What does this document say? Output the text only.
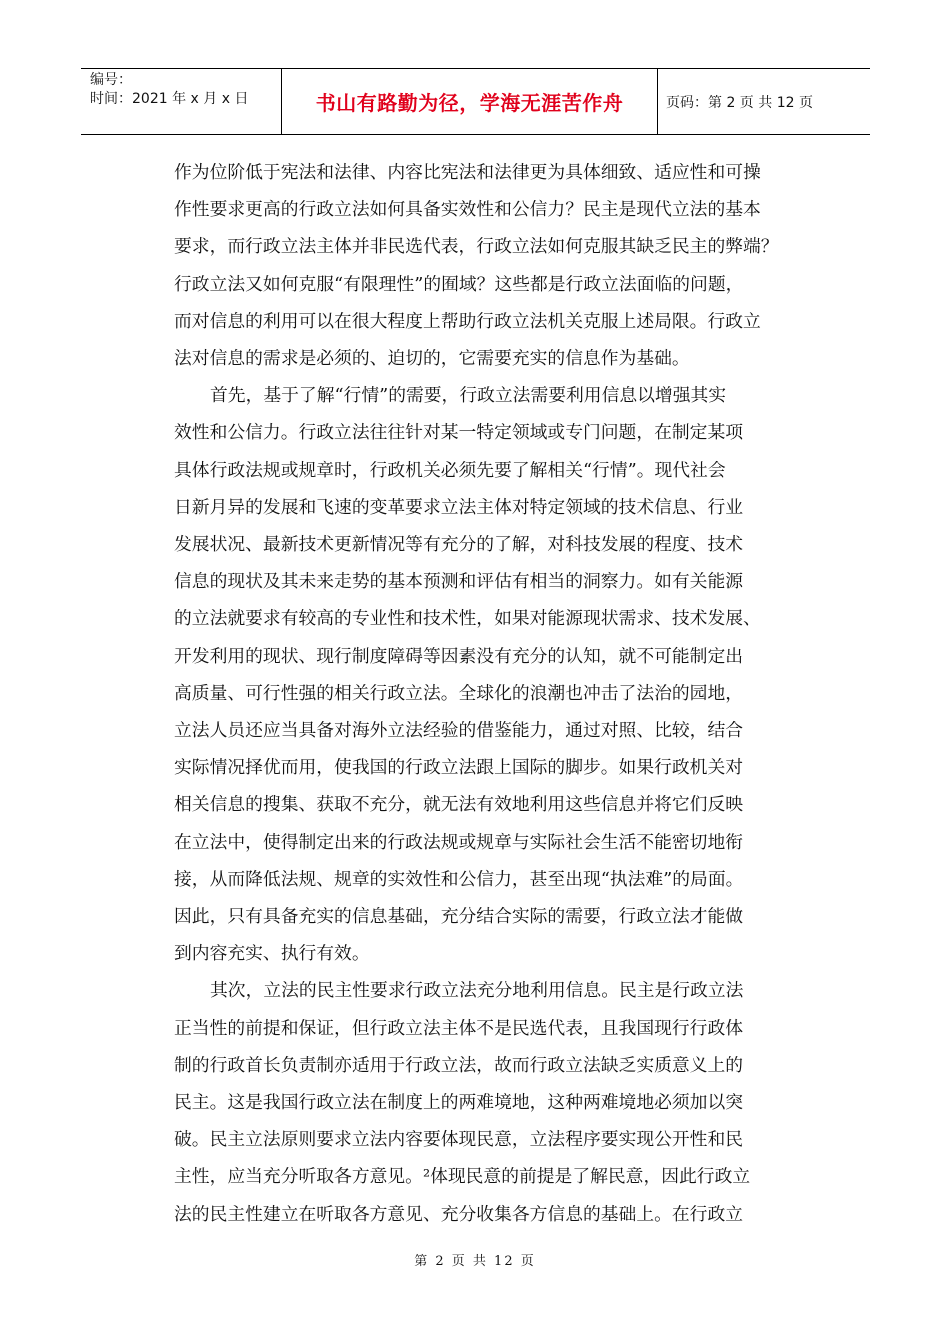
编号：
时间：2021 年 x 月 x 日	书山有路勤为径，学海无涯苦作舟	页码：第 2 页 共 12 页
作为位阶低于宪法和法律、内容比宪法和法律更为具体细致、适应性和可操
作性要求更高的行政立法如何具备实效性和公信力？民主是现代立法的基本
要求，而行政立法主体并非民选代表，行政立法如何克服其缺乏民主的弊端？
行政立法又如何克服“有限理性”的囿域？这些都是行政立法面临的问题，
而对信息的利用可以在很大程度上帮助行政立法机关克服上述局限。行政立
法对信息的需求是必须的、迫切的，它需要充实的信息作为基础。
首先，基于了解“行情”的需要，行政立法需要利用信息以增强其实
效性和公信力。行政立法往往针对某一特定领域或专门问题，在制定某项
具体行政法规或规章时，行政机关必须先要了解相关“行情”。现代社会
日新月异的发展和飞速的变革要求立法主体对特定领域的技术信息、行业
发展状况、最新技术更新情况等有充分的了解，对科技发展的程度、技术
信息的现状及其未来走势的基本预测和评估有相当的洞察力。如有关能源
的立法就要求有较高的专业性和技术性，如果对能源现状需求、技术发展、
开发利用的现状、现行制度障碍等因素没有充分的认知，就不可能制定出
高质量、可行性强的相关行政立法。全球化的浪潮也冲击了法治的园地，
立法人员还应当具备对海外立法经验的借鉴能力，通过对照、比较，结合
实际情况择优而用，使我国的行政立法跟上国际的脚步。如果行政机关对
相关信息的搜集、获取不充分，就无法有效地利用这些信息并将它们反映
在立法中，使得制定出来的行政法规或规章与实际社会生活不能密切地衔
接，从而降低法规、规章的实效性和公信力，甚至出现“执法难”的局面。
因此，只有具备充实的信息基础，充分结合实际的需要，行政立法才能做
到内容充实、执行有效。
其次，立法的民主性要求行政立法充分地利用信息。民主是行政立法
正当性的前提和保证，但行政立法主体不是民选代表，且我国现行行政体
制的行政首长负责制亦适用于行政立法，故而行政立法缺乏实质意义上的
民主。这是我国行政立法在制度上的两难境地，这种两难境地必须加以突
破。民主立法原则要求立法内容要体现民意，立法程序要实现公开性和民
主性，应当充分听取各方意见。²体现民意的前提是了解民意，因此行政立
法的民主性建立在听取各方意见、充分收集各方信息的基础上。在行政立
第 2 页 共 12 页
